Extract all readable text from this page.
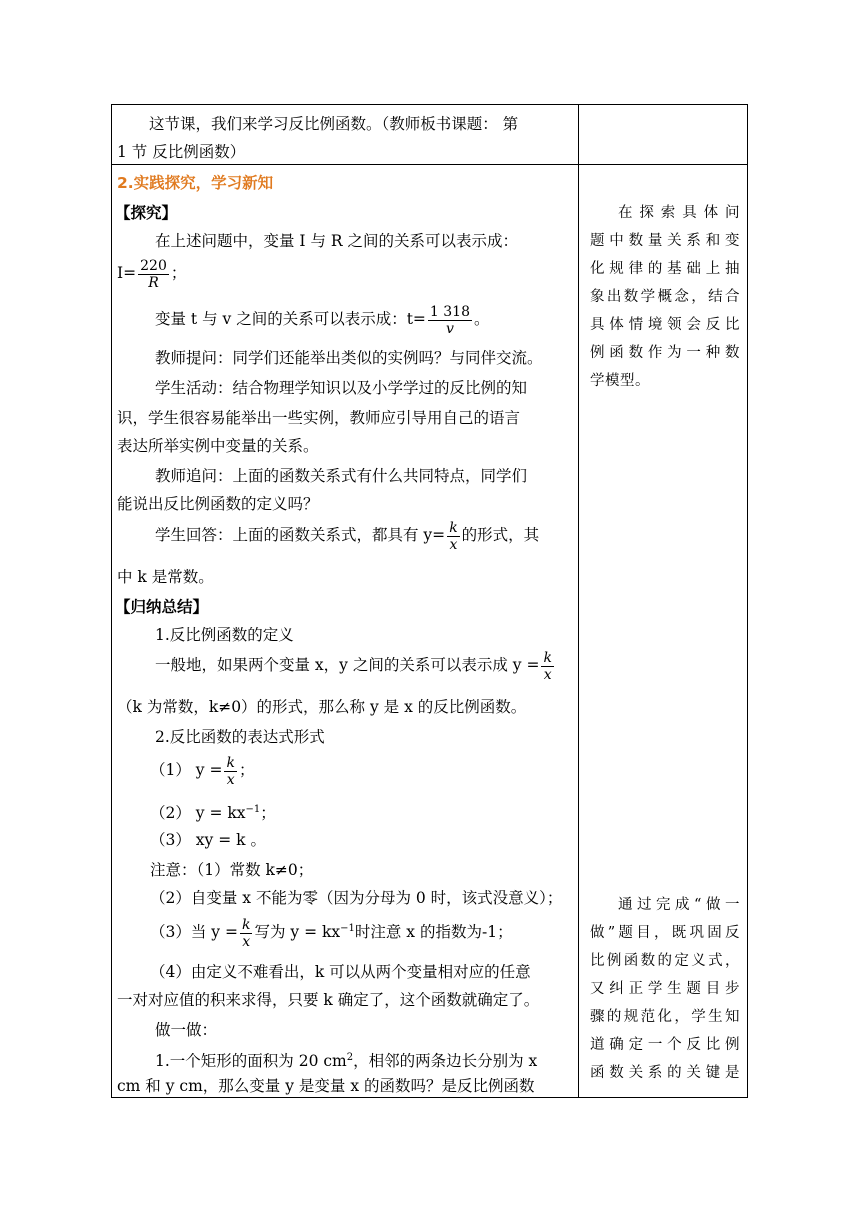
这节课，我们来学习反比例函数。（教师板书课题： 第
1 节 反比例函数）
2.实践探究，学习新知
【探究】
在上述问题中，变量 I 与 R 之间的关系可以表示成：
$I= \frac{220}{R}$ ；
变量 t 与 v 之间的关系可以表示成：$t= \frac{1 318}{v}$ 。
教师提问：同学们还能举出类似的实例吗？与同伴交流。
学生活动：结合物理学知识以及小学学过的反比例的知
识，学生很容易能举出一些实例，教师应引导用自己的语言
表达所举实例中变量的关系。
教师追问：上面的函数关系式有什么共同特点，同学们
能说出反比例函数的定义吗？
学生回答：上面的函数关系式，都具有 $y= \frac{k}{x}$ 的形式，其
中 k 是常数。
【归纳总结】
1.反比例函数的定义
一般地，如果两个变量 x，y 之间的关系可以表示成 $y = \frac{k}{x}$
（k 为常数，k≠0）的形式，那么称 y 是 x 的反比例函数。
2.反比函数的表达式形式
（1） $y = \frac{k}{x}$ ；
（2） $y = kx^{-1}$；
（3） xy = k 。
注意：（1）常数 k≠0；
（2）自变量 x 不能为零（因为分母为 0 时，该式没意义）；
（3）当 $y = \frac{k}{x}$ 写为 $y = kx^{-1}$时注意 x 的指数为-1；
（4）由定义不难看出，k 可以从两个变量相对应的任意
一对对应值的积来求得，只要 k 确定了，这个函数就确定了。
做一做：
1.一个矩形的面积为 20 $cm^2$，相邻的两条边长分别为 x
cm 和 y cm，那么变量 y 是变量 x 的函数吗？是反比例函数
在探索具体问
题中数量关系和变
化规律的基础上抽
象出数学概念，结合
具体情境领会反比
例函数作为一种数
学模型。
通过完成“做一
做”题目，既巩固反
比例函数的定义式，
又纠正学生题目步
骤的规范化，学生知
道确定一个反比例
函数关系的关键是
